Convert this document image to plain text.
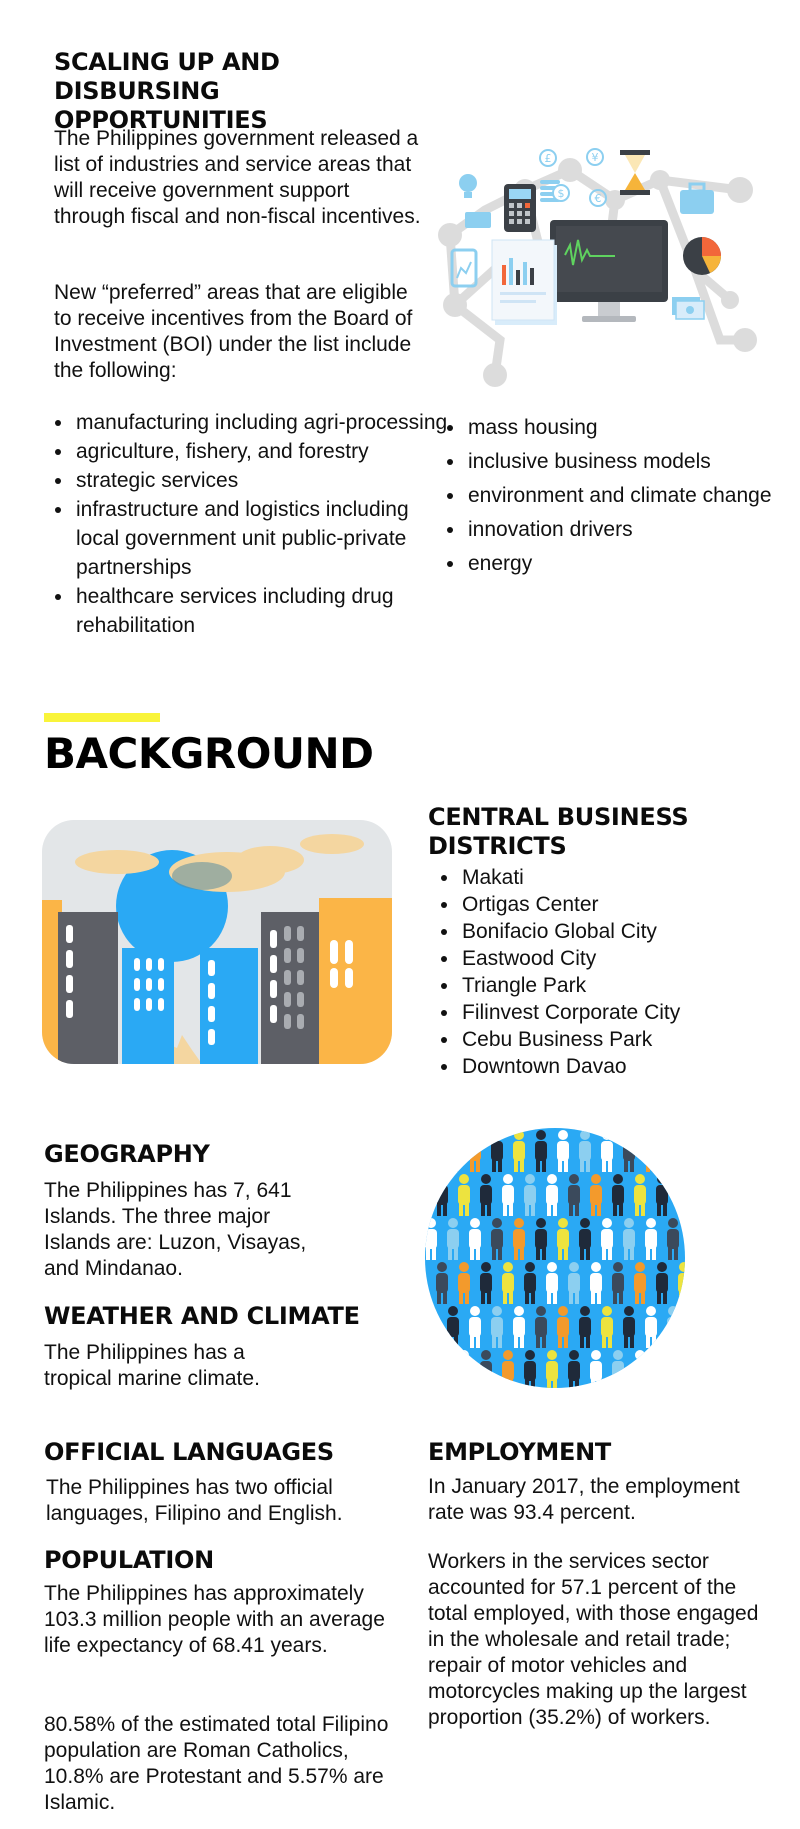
SCALING UP AND DISBURSING OPPORTUNITIES

The Philippines government released a list of industries and service areas that will receive government support through fiscal and non-fiscal incentives.

New “preferred” areas that are eligible to receive incentives from the Board of Investment (BOI) under the list include the following:

£	¥
€
$
• manufacturing including agri-processing
• agriculture, fishery, and forestry
• strategic services
• infrastructure and logistics including local government unit public-private partnerships
• healthcare services including drug rehabilitation
• mass housing
• inclusive business models
• environment and climate change
• innovation drivers
• energy
BACKGROUND
CENTRAL BUSINESS DISTRICTS
• Makati
• Ortigas Center
• Bonifacio Global City
• Eastwood City
• Triangle Park
• Filinvest Corporate City
• Cebu Business Park
• Downtown Davao
GEOGRAPHY

The Philippines has 7, 641 Islands. The three major Islands are: Luzon, Visayas, and Mindanao.

WEATHER AND CLIMATE

The Philippines has a tropical marine climate.

OFFICIAL LANGUAGES

The Philippines has two official languages, Filipino and English.

POPULATION

The Philippines has approximately 103.3 million people with an average life expectancy of 68.41 years.

80.58% of the estimated total Filipino population are Roman Catholics, 10.8% are Protestant and 5.57% are Islamic.

EMPLOYMENT

In January 2017, the employment rate was 93.4 percent.

Workers in the services sector accounted for 57.1 percent of the total employed, with those engaged in the wholesale and retail trade; repair of motor vehicles and motorcycles making up the largest proportion (35.2%) of workers.
